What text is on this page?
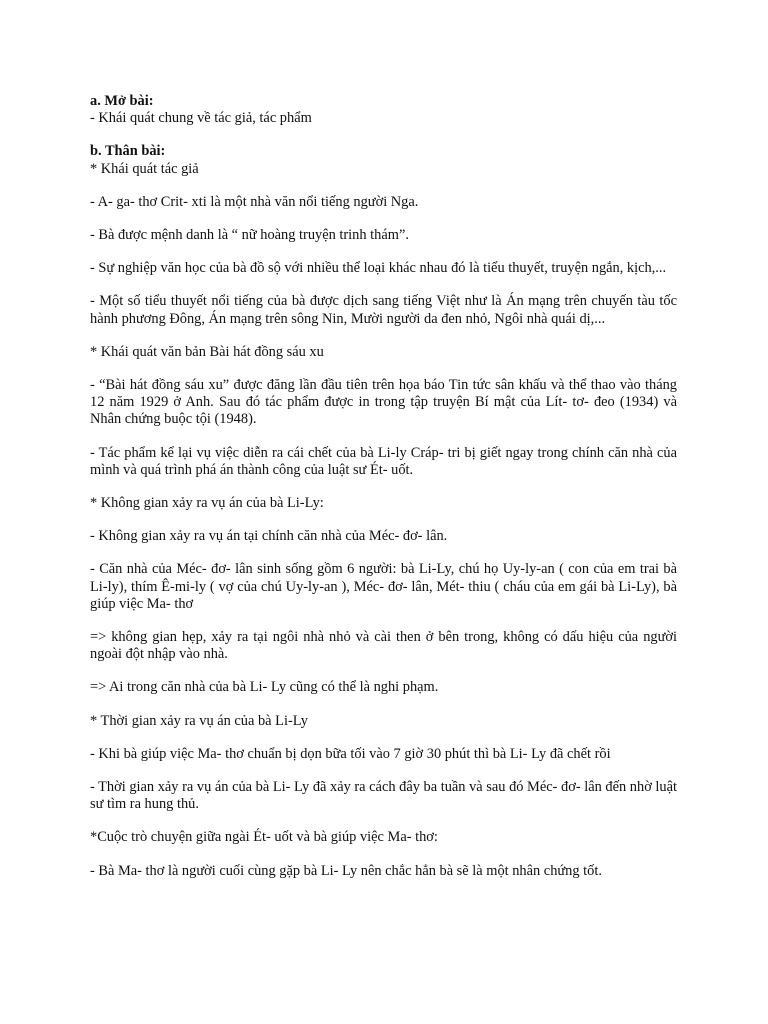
a. Mở bài:
- Khái quát chung về tác giả, tác phẩm
b. Thân bài:
* Khái quát tác giả

- A- ga- thơ Crit- xti là một nhà văn nổi tiếng người Nga.

- Bà được mệnh danh là “ nữ hoàng truyện trinh thám”.

- Sự nghiệp văn học của bà đồ sộ với nhiều thể loại khác nhau đó là tiểu thuyết, truyện ngắn, kịch,...

- Một số tiểu thuyết nổi tiếng của bà được dịch sang tiếng Việt như là Án mạng trên chuyến tàu tốc hành phương Đông, Án mạng trên sông Nin, Mười người da đen nhỏ, Ngôi nhà quái dị,...

* Khái quát văn bản Bài hát đồng sáu xu

- “Bài hát đồng sáu xu” được đăng lần đầu tiên trên họa báo Tin tức sân khấu và thể thao vào tháng 12 năm 1929 ở Anh. Sau đó tác phẩm được in trong tập truyện Bí mật của Lít- tơ- đeo (1934) và Nhân chứng buộc tội (1948).

- Tác phẩm kể lại vụ việc diễn ra cái chết của bà Li-ly Cráp- tri bị giết ngay trong chính căn nhà của mình và quá trình phá án thành công của luật sư Ét- uốt.

* Không gian xảy ra vụ án của bà Li-Ly:

- Không gian xảy ra vụ án tại chính căn nhà của Méc- đơ- lân.

- Căn nhà của Méc- đơ- lân sinh sống gồm 6 người: bà Li-Ly, chú họ Uy-ly-an ( con của em trai bà Li-ly), thím Ê-mi-ly ( vợ của chú Uy-ly-an ), Méc- đơ- lân, Mét- thiu ( cháu của em gái bà Li-Ly), bà giúp việc Ma- thơ

=> không gian hẹp, xảy ra tại ngôi nhà nhỏ và cài then ở bên trong, không có dấu hiệu của người ngoài đột nhập vào nhà.

=> Ai trong căn nhà của bà Li- Ly cũng có thể là nghi phạm.

* Thời gian xảy ra vụ án của bà Li-Ly

- Khi bà giúp việc Ma- thơ chuẩn bị dọn bữa tối vào 7 giờ 30 phút thì bà Li- Ly đã chết rồi

- Thời gian xảy ra vụ án của bà Li- Ly đã xảy ra cách đây ba tuần và sau đó Méc- đơ- lân đến nhờ luật sư tìm ra hung thủ.

*Cuộc trò chuyện giữa ngài Ét- uốt và bà giúp việc Ma- thơ:

- Bà Ma- thơ là người cuối cùng gặp bà Li- Ly nên chắc hẳn bà sẽ là một nhân chứng tốt.
